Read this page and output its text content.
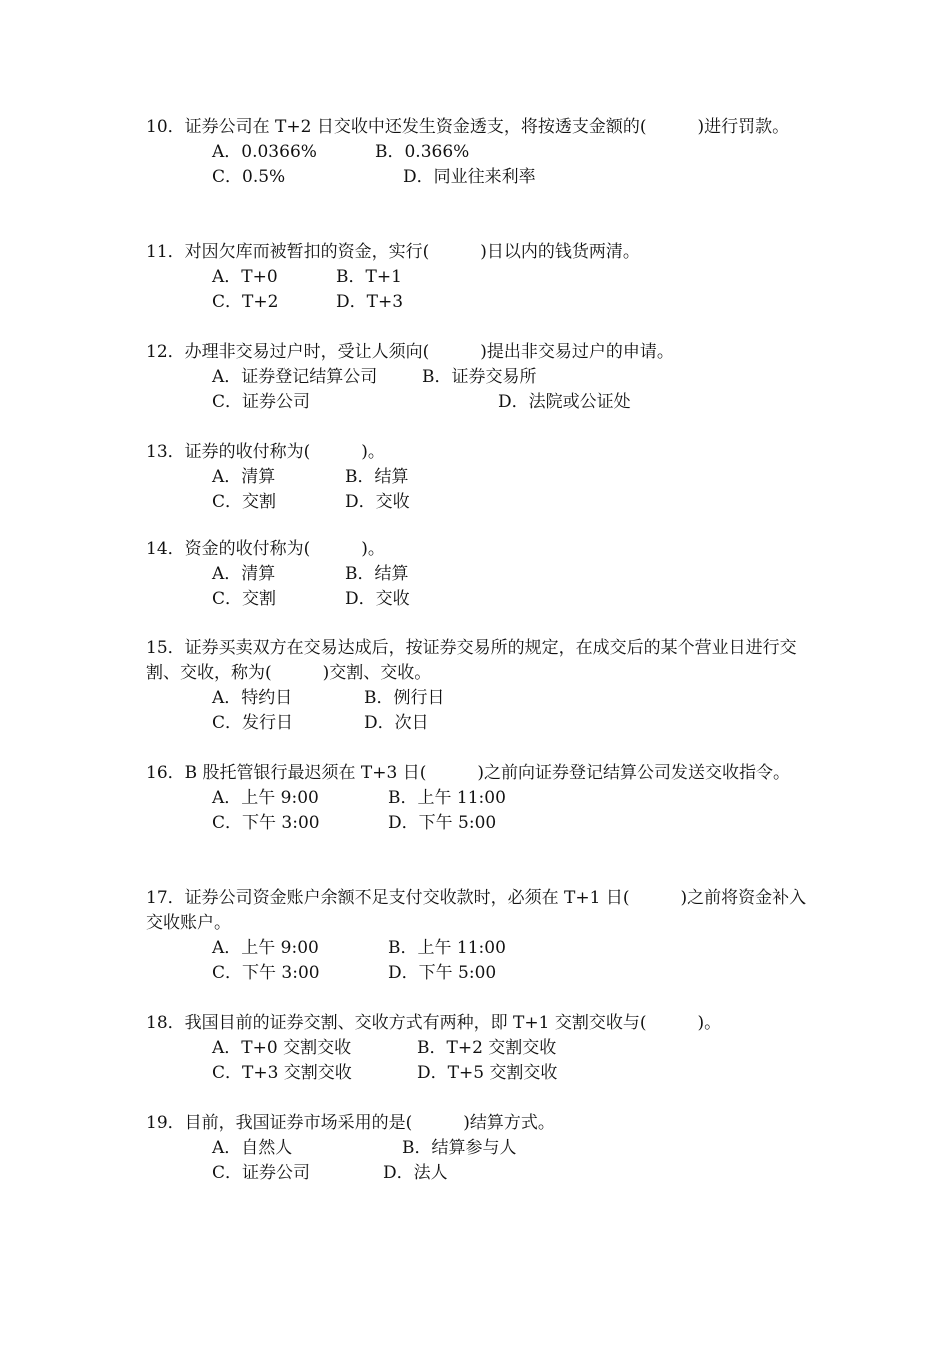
10．证券公司在 T+2 日交收中还发生资金透支，将按透支金额的(　　　)进行罚款。

A．0.0366%

	B．0.366%

C．0.5%

	D．同业往来利率

11．对因欠库而被暂扣的资金，实行(　　　)日以内的钱货两清。

A．T+0

	B．T+1

C．T+2

	D．T+3

12．办理非交易过户时，受让人须向(　　　)提出非交易过户的申请。

A．证券登记结算公司

	B．证券交易所

C．证券公司

	D．法院或公证处

13．证券的收付称为(　　　)。

A．清算

	B．结算

C．交割

	D．交收

14．资金的收付称为(　　　)。

A．清算

	B．结算

C．交割

	D．交收

15．证券买卖双方在交易达成后，按证券交易所的规定，在成交后的某个营业日进行交割、交收，称为(　　　)交割、交收。

A．特约日

	B．例行日

C．发行日

	D．次日

16．B 股托管银行最迟须在 T+3 日(　　　)之前向证券登记结算公司发送交收指令。

A．上午 9:00

	B．上午 11:00

C．下午 3:00

	D．下午 5:00

17．证券公司资金账户余额不足支付交收款时，必须在 T+1 日(　　　)之前将资金补入交收账户。

A．上午 9:00

	B．上午 11:00

C．下午 3:00

	D．下午 5:00

18．我国目前的证券交割、交收方式有两种，即 T+1 交割交收与(　　　)。

A．T+0 交割交收

	B．T+2 交割交收

C．T+3 交割交收

	D．T+5 交割交收

19．目前，我国证券市场采用的是(　　　)结算方式。

A．自然人

	B．结算参与人

C．证券公司

	D．法人
